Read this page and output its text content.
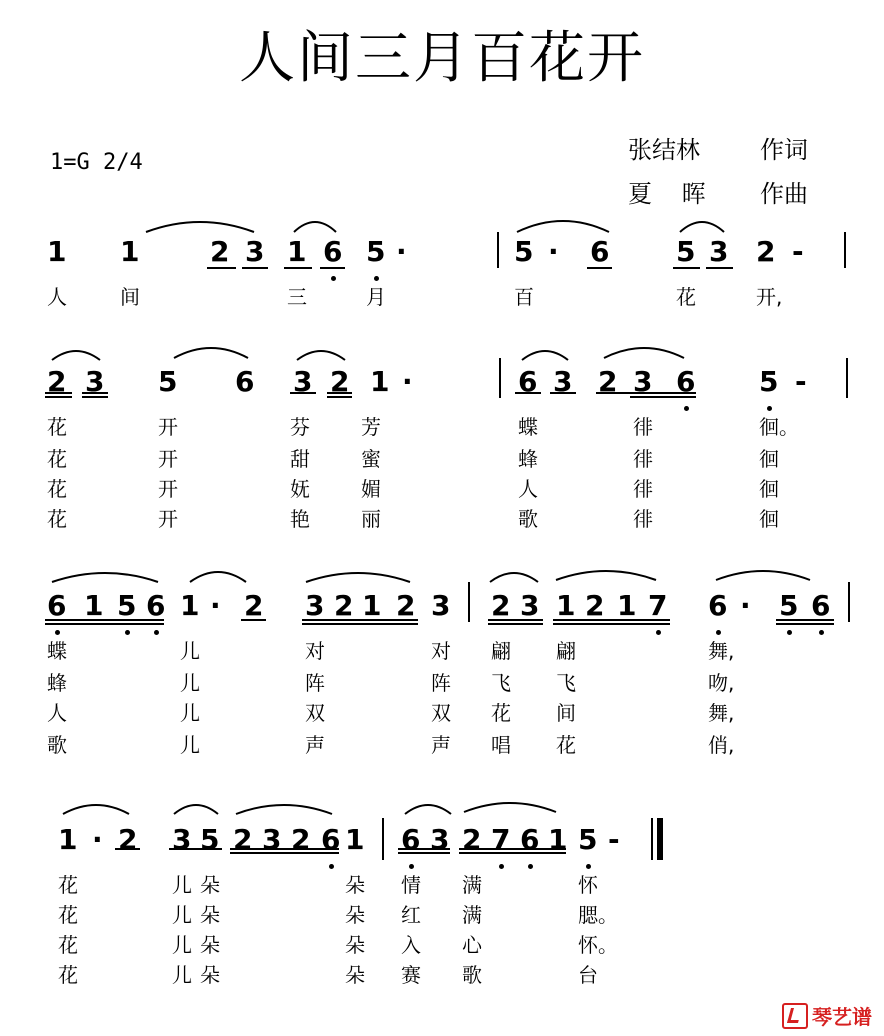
人间三月百花开
1=G 2/4	张结林	作词
夏 晖 作曲
1 1	2 3 1 6 5 ·	5 · 6 5 3 2 -
人	间	三	月	百	花	开,
2 3 5 6 3 2 1 ·	6 3 2 3 6 5 -
花	开	芬	芳	蝶	徘	徊。
花	开	甜	蜜	蜂	徘	徊
花	开	妩	媚	人	徘	徊
花	开	艳	丽	歌	徘	徊
6 1 5 6 1 · 2 3 2 1 2 3 2 3 1 2 1 7 6 · 5 6
蝶	儿	对	对 翩 翩	舞,
蜂	儿	阵	阵 飞 飞	吻,
人	儿	双	双 花 间	舞,
歌	儿	声	声 唱 花	俏,
1 · 2 3 5 2 3 2 6 1 6 3 2 7 6 1 5 -
花	儿 朵	朵 情 满	怀
花	儿 朵	朵 红 满	腮。
花	儿 朵	朵 入 心	怀。
花	儿 朵	朵 赛 歌	台
琴艺谱
